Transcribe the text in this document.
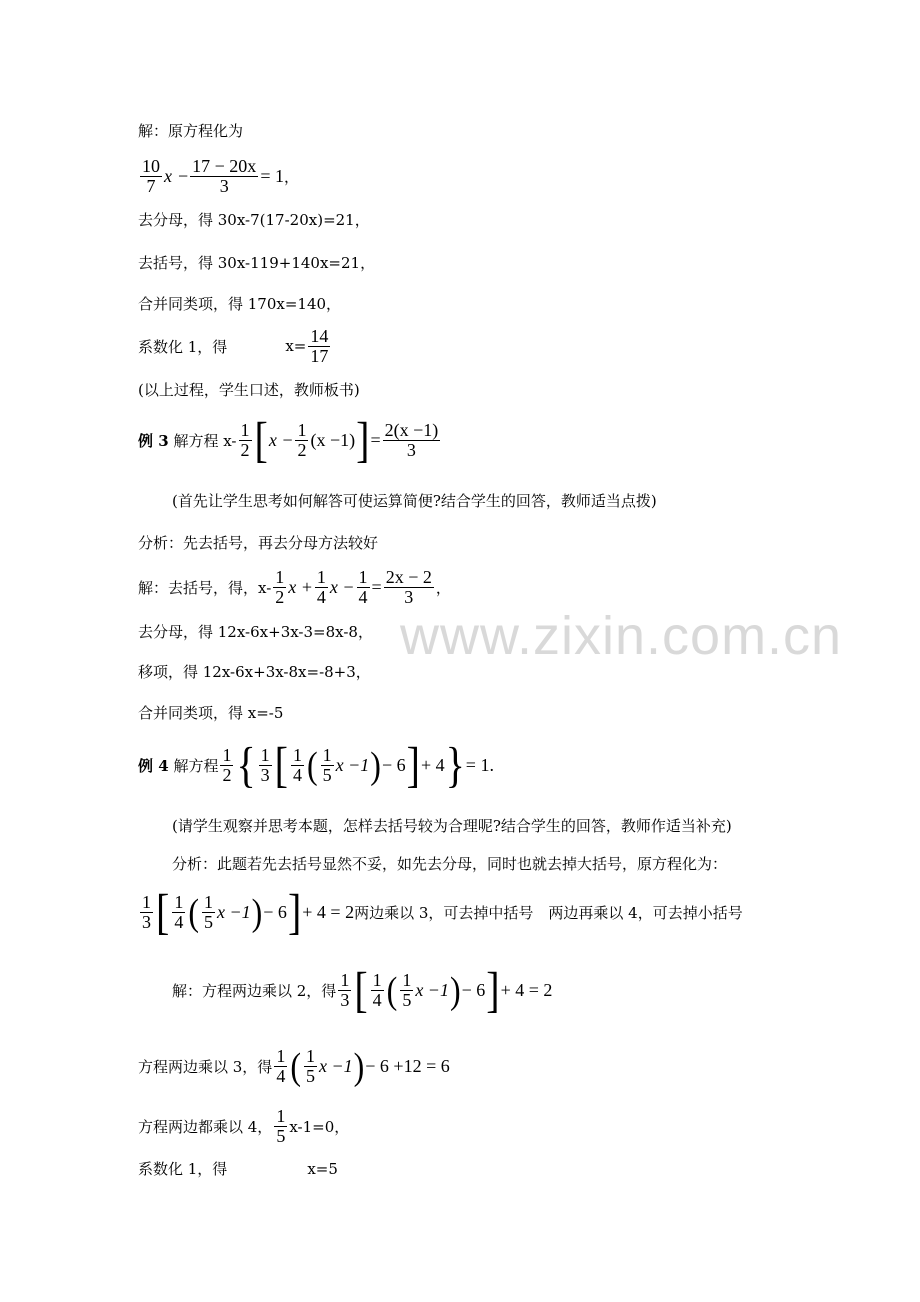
www.zixin.com.cn
解：原方程化为
$\frac{10}{7}$ $x - \frac{17 - 20x}{3} = 1$ ，
去分母，得 30x-7(17-20x)=21，
去括号，得 30x-119+140x=21，
合并同类项，得 170x=140，
系数化 1，得	$x= \frac{14}{17}$
(以上过程，学生口述，教师板书)
例 3
解方程 $x- \frac{1}{2}$ [ $x - \frac{1}{2} (x -1)$ ] = $\frac{2(x -1)}{3}$
(首先让学生思考如何解答可使运算简便?结合学生的回答，教师适当点拨)
分析：先去括号，再去分母方法较好
解：去括号，得，$x- \frac{1}{2}$ $x + \frac{1}{4}$ $x - \frac{1}{4} = \frac{2x - 2}{3}$ ，
去分母，得 12x-6x+3x-3=8x-8，
移项，得 12x-6x+3x-8x=-8+3，
合并同类项，得 x=-5
例 4
解方程 $\frac{1}{2}$ { $\frac{1}{3}$ [ $\frac{1}{4}$ ( $\frac{1}{5}$ x −1 ) − 6 ] + 4 } = 1.
(请学生观察并思考本题，怎样去括号较为合理呢?结合学生的回答，教师作适当补充)
分析：此题若先去括号显然不妥，如先去分母，同时也就去掉大括号，原方程化为：
$\frac{1}{3}$ [ $\frac{1}{4}$ ( $\frac{1}{5}$ x −1 ) − 6 ] + 4 = 2 两边乘以 3，可去掉中括号　两边再乘以 4，可去掉小括号
解：方程两边乘以 2，得 $\frac{1}{3}$ [ $\frac{1}{4}$ ( $\frac{1}{5}$ x −1 ) − 6 ] + 4 = 2
方程两边乘以 3，得 $\frac{1}{4}$ ( $\frac{1}{5}$ x −1 ) − 6 +12 = 6
方程两边都乘以 4， $\frac{1}{5} x-1=0$，
系数化 1，得	x=5
